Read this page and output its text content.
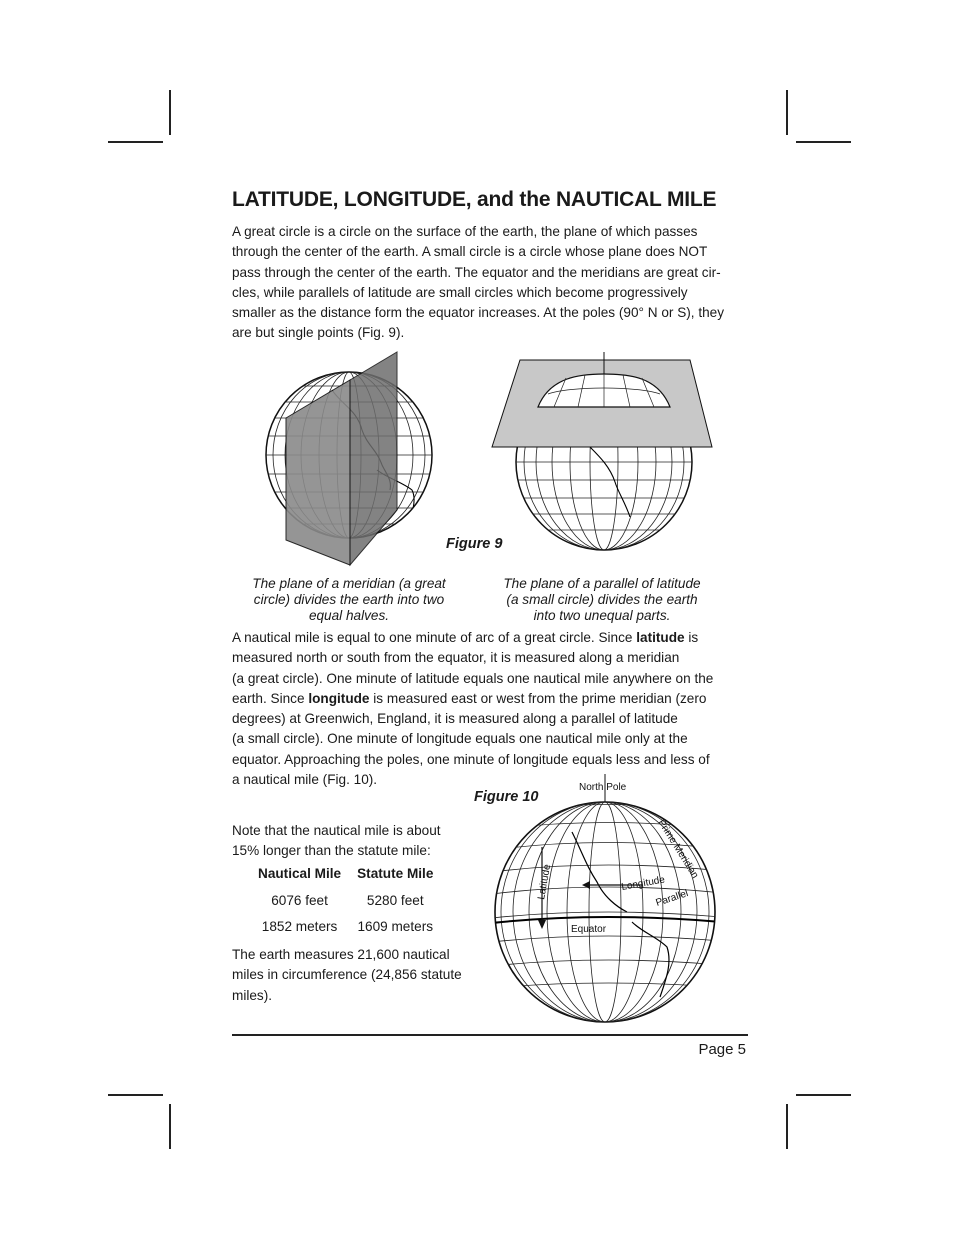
LATITUDE, LONGITUDE, and the NAUTICAL MILE
A great circle is a circle on the surface of the earth, the plane of which passes
through the center of the earth. A small circle is a circle whose plane does NOT
pass through the center of the earth. The equator and the meridians are great cir-
cles, while parallels of latitude are small circles which become progressively
smaller as the distance form the equator increases. At the poles (90° N or S), they
are but single points (Fig. 9).
Figure 9
The plane of a meridian (a great
circle) divides the earth into two
equal halves.
The plane of a parallel of latitude
(a small circle) divides the earth
into two unequal parts.
A nautical mile is equal to one minute of arc of a great circle. Since latitude is
measured north or south from the equator, it is measured along a meridian
(a great circle). One minute of latitude equals one nautical mile anywhere on the
earth. Since longitude is measured east or west from the prime meridian (zero
degrees) at Greenwich, England, it is measured along a parallel of latitude
(a small circle). One minute of longitude equals one nautical mile only at the
equator. Approaching the poles, one minute of longitude equals less and less of
a nautical mile (Fig. 10).
Figure 10
North Pole
Latitude	Longitude
Parallel
Equator
Prime Meridian
Note that the nautical mile is about
15% longer than the statute mile:
Nautical Mile	Statute Mile
6076 feet	5280 feet
1852 meters	1609 meters
The earth measures 21,600 nautical
miles in circumference (24,856 statute
miles).
Page 5
